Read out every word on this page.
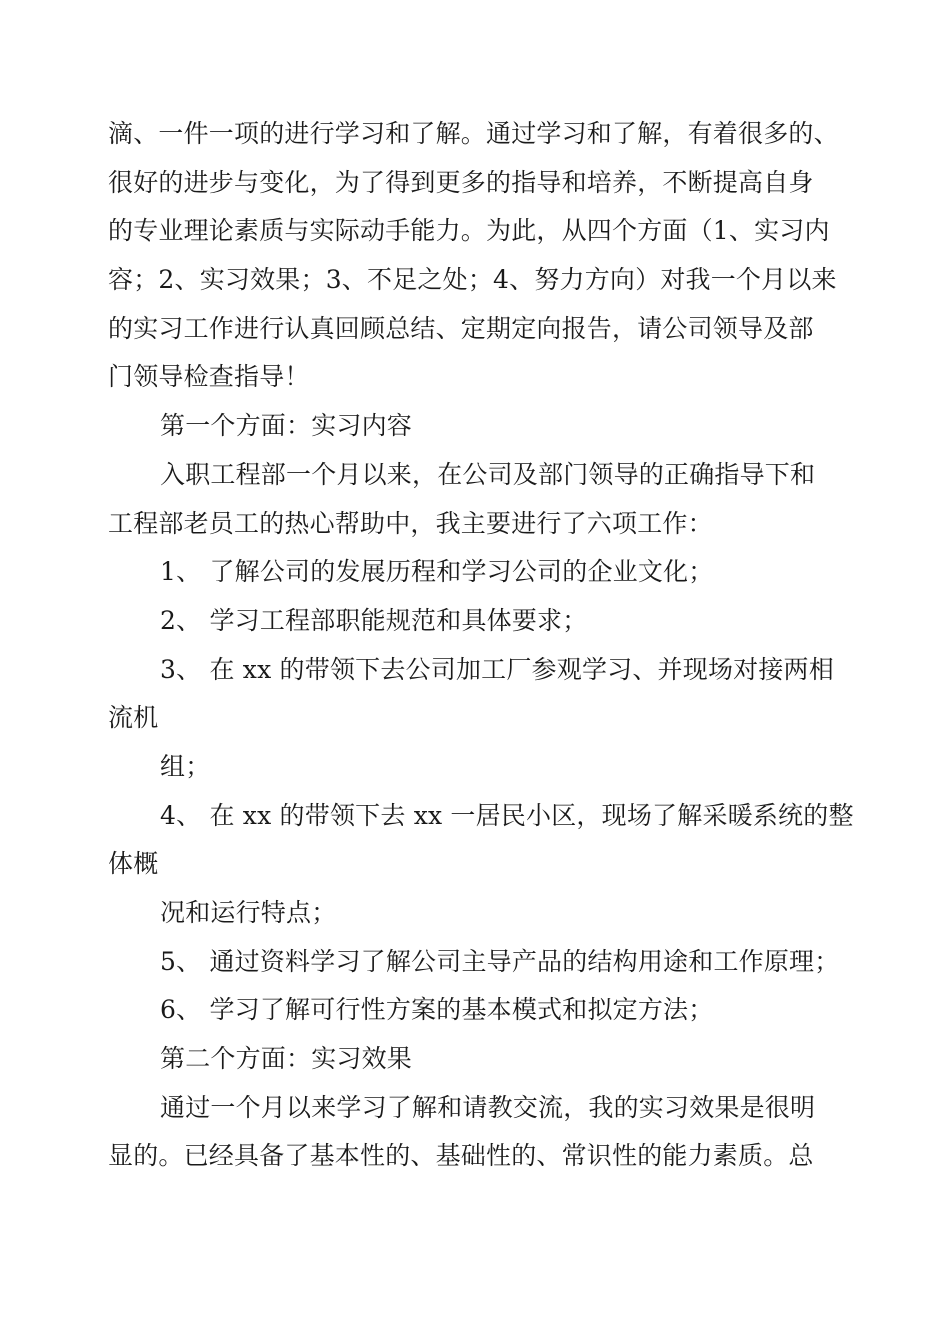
滴、一件一项的进行学习和了解。通过学习和了解，有着很多的、
很好的进步与变化，为了得到更多的指导和培养，不断提高自身
的专业理论素质与实际动手能力。为此，从四个方面（1、实习内
容；2、实习效果；3、不足之处；4、努力方向）对我一个月以来
的实习工作进行认真回顾总结、定期定向报告，请公司领导及部
门领导检查指导！
第一个方面：实习内容
入职工程部一个月以来，在公司及部门领导的正确指导下和
工程部老员工的热心帮助中，我主要进行了六项工作：
1、 了解公司的发展历程和学习公司的企业文化；
2、 学习工程部职能规范和具体要求；
3、 在 xx 的带领下去公司加工厂参观学习、并现场对接两相
流机
组；
4、 在 xx 的带领下去 xx 一居民小区，现场了解采暖系统的整
体概
况和运行特点；
5、 通过资料学习了解公司主导产品的结构用途和工作原理；
6、 学习了解可行性方案的基本模式和拟定方法；
第二个方面：实习效果
通过一个月以来学习了解和请教交流，我的实习效果是很明
显的。已经具备了基本性的、基础性的、常识性的能力素质。总
